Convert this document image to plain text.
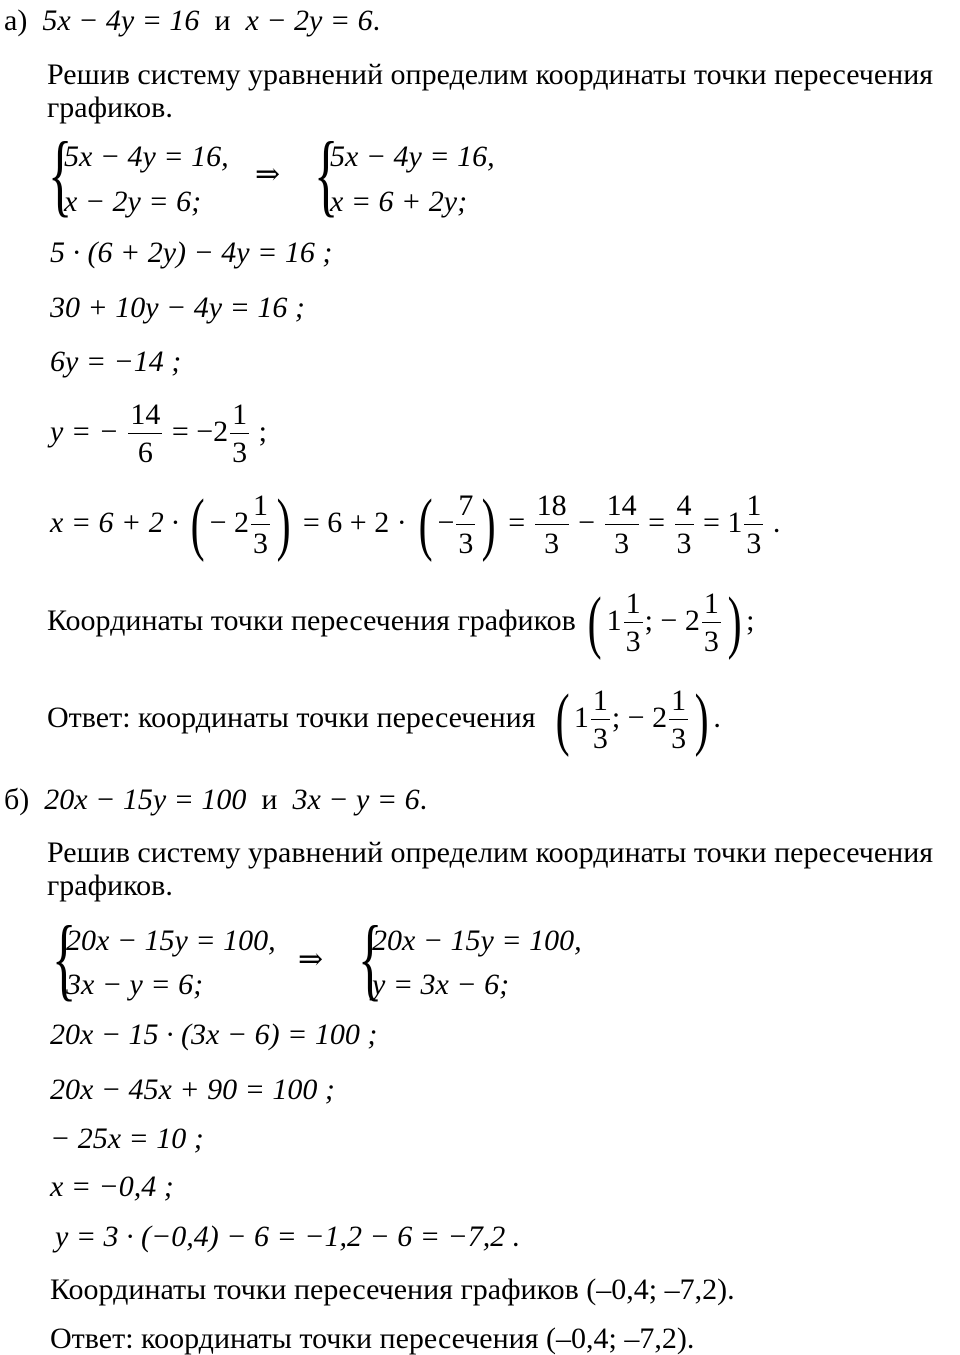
а) 5x − 4y = 16 и x − 2y = 6.
Решив систему уравнений определим координаты точки пересечения
графиков.
{
5x − 4y = 16,
x − 2y = 6;
⇒ {
5x − 4y = 16,
x = 6 + 2y;
5 · (6 + 2y) − 4y = 16 ;
30 + 10y − 4y = 16 ;
6y = −14 ;
y = − $\frac{14}{6} = -2 \frac{1}{3}$ ;
x = 6 + 2 · ( − $2 \frac{1}{3}$ ) = 6 + 2 · ( − $\frac{7}{3}$ ) = $\frac{18}{3} - \frac{14}{3} = \frac{4}{3} = 1 \frac{1}{3}$ .
Координаты точки пересечения графиков ( $1 \frac{1}{3}$ ; − $2 \frac{1}{3}$ ) ;
Ответ: координаты точки пересечения ( $1 \frac{1}{3}$ ; − $2 \frac{1}{3}$ ) .
б) 20x − 15y = 100 и 3x − y = 6.
Решив систему уравнений определим координаты точки пересечения
графиков.
{
20x − 15y = 100,
3x − y = 6;
⇒ {
20x − 15y = 100,
y = 3x − 6;
20x − 15 · (3x − 6) = 100 ;
20x − 45x + 90 = 100 ;
− 25x = 10 ;
x = −0,4 ;
y = 3 · (−0,4) − 6 = −1,2 − 6 = −7,2 .
Координаты точки пересечения графиков (–0,4; –7,2).
Ответ: координаты точки пересечения (–0,4; –7,2).
